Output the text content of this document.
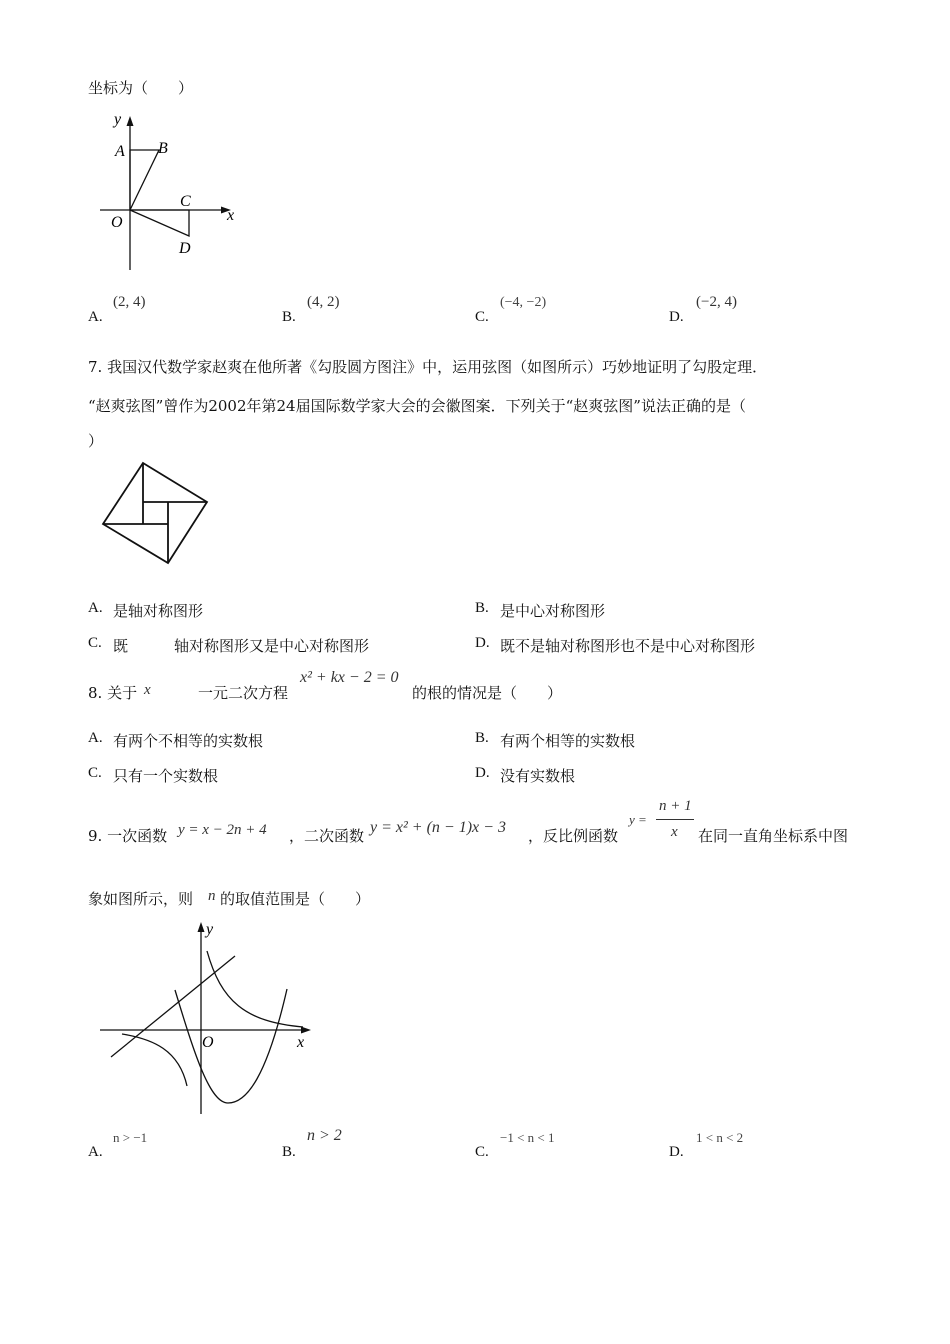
坐标为（　　）
y
A B
C
O	x
D
A.
(2, 4)
B.
(4, 2)
C.
(−4, −2)
D.
(−2, 4)
7. 我国汉代数学家赵爽在他所著《勾股圆方图注》中，运用弦图（如图所示）巧妙地证明了勾股定理．
“赵爽弦图”曾作为2002年第24届国际数学家大会的会徽图案．下列关于“赵爽弦图”说法正确的是（
）
A. 是轴对称图形	B. 是中心对称图形
C. 既	轴对称图形又是中心对称图形	D. 既不是轴对称图形也不是中心对称图形
8. 关于 x	一元二次方程
x² + kx − 2 = 0
的根的情况是（　　）
A. 有两个不相等的实数根	B. 有两个相等的实数根
C. 只有一个实数根	D. 没有实数根
9. 一次函数 y = x − 2n + 4 ，二次函数 y = x² + (n − 1)x − 3 ，反比例函数
y =
n + 1
x 在同一直角坐标系中图
象如图所示，则 n 的取值范围是（　　）
y
O	x
A.
n > −1
B.
n > 2
C.
−1 < n < 1
D.
1 < n < 2
